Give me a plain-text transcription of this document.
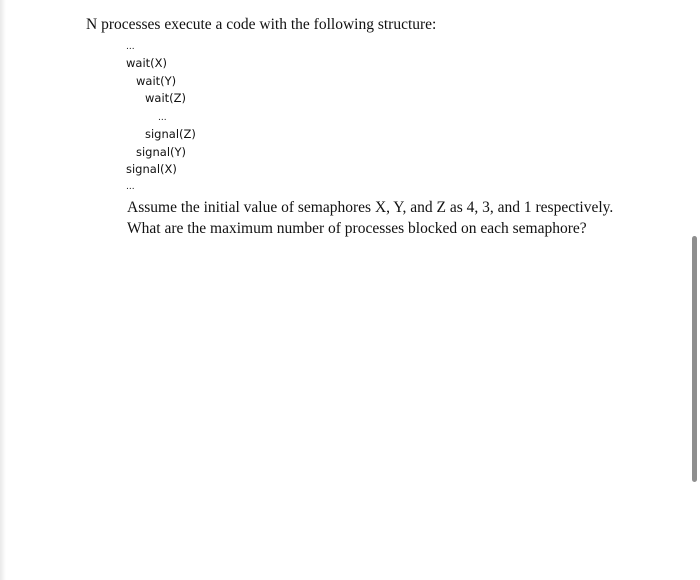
N processes execute a code with the following structure:
...
wait(X)
wait(Y)
wait(Z)
...
signal(Z)
signal(Y)
signal(X)
...
Assume the initial value of semaphores X, Y, and Z as 4, 3, and 1 respectively. What are the maximum number of processes blocked on each semaphore?
